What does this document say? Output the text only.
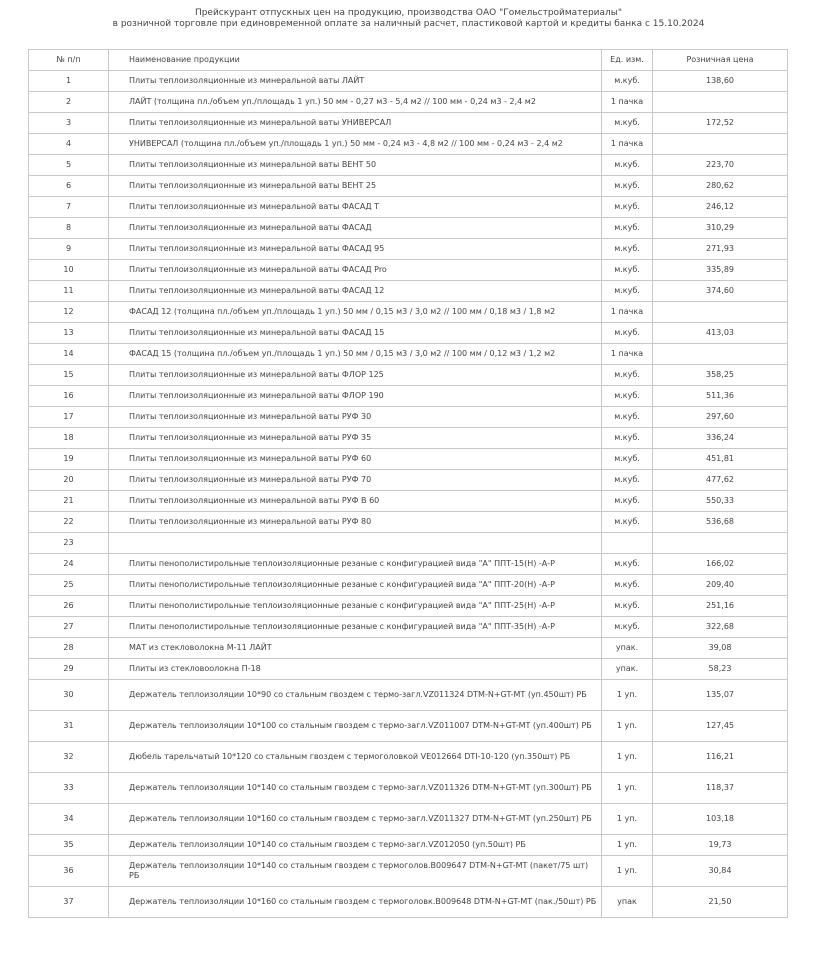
Прейскурант отпускных цен на продукцию, производства ОАО "Гомельстройматериалы"
в розничной торговле при единовременной оплате за наличный расчет, пластиковой картой и кредиты банка с 15.10.2024
№ п/п	Наименование продукции	Ед. изм.	Розничная цена
1	Плиты теплоизоляционные из минеральной ваты ЛАЙТ	м.куб.	138,60
2	ЛАЙТ (толщина пл./объем уп./площадь 1 уп.) 50 мм - 0,27 м3 - 5,4 м2 // 100 мм - 0,24 м3 - 2,4 м2	1 пачка	
3	Плиты теплоизоляционные из минеральной ваты УНИВЕРСАЛ	м.куб.	172,52
4	УНИВЕРСАЛ (толщина пл./объем уп./площадь 1 уп.) 50 мм - 0,24 м3 - 4,8 м2 // 100 мм - 0,24 м3 - 2,4 м2	1 пачка	
5	Плиты теплоизоляционные из минеральной ваты ВЕНТ 50	м.куб.	223,70
6	Плиты теплоизоляционные из минеральной ваты ВЕНТ 25	м.куб.	280,62
7	Плиты теплоизоляционные из минеральной ваты ФАСАД Т	м.куб.	246,12
8	Плиты теплоизоляционные из минеральной ваты ФАСАД	м.куб.	310,29
9	Плиты теплоизоляционные из минеральной ваты ФАСАД 95	м.куб.	271,93
10	Плиты теплоизоляционные из минеральной ваты ФАСАД Pro	м.куб.	335,89
11	Плиты теплоизоляционные из минеральной ваты ФАСАД 12	м.куб.	374,60
12	ФАСАД 12 (толщина пл./объем уп./площадь 1 уп.) 50 мм / 0,15 м3 / 3,0 м2 // 100 мм / 0,18 м3 / 1,8 м2	1 пачка	
13	Плиты теплоизоляционные из минеральной ваты ФАСАД 15	м.куб.	413,03
14	ФАСАД 15 (толщина пл./объем уп./площадь 1 уп.) 50 мм / 0,15 м3 / 3,0 м2 // 100 мм / 0,12 м3 / 1,2 м2	1 пачка	
15	Плиты теплоизоляционные из минеральной ваты ФЛОР 125	м.куб.	358,25
16	Плиты теплоизоляционные из минеральной ваты ФЛОР 190	м.куб.	511,36
17	Плиты теплоизоляционные из минеральной ваты РУФ 30	м.куб.	297,60
18	Плиты теплоизоляционные из минеральной ваты РУФ 35	м.куб.	336,24
19	Плиты теплоизоляционные из минеральной ваты РУФ 60	м.куб.	451,81
20	Плиты теплоизоляционные из минеральной ваты РУФ 70	м.куб.	477,62
21	Плиты теплоизоляционные из минеральной ваты РУФ В 60	м.куб.	550,33
22	Плиты теплоизоляционные из минеральной ваты РУФ 80	м.куб.	536,68
23			
24	Плиты пенополистирольные теплоизоляционные резаные с конфигурацией вида "А" ППТ-15(Н) -А-Р	м.куб.	166,02
25	Плиты пенополистирольные теплоизоляционные резаные с конфигурацией вида "А" ППТ-20(Н) -А-Р	м.куб.	209,40
26	Плиты пенополистирольные теплоизоляционные резаные с конфигурацией вида "А" ППТ-25(Н) -А-Р	м.куб.	251,16
27	Плиты пенополистирольные теплоизоляционные резаные с конфигурацией вида "А" ППТ-35(Н) -А-Р	м.куб.	322,68
28	МАТ из стекловолокна М-11 ЛАЙТ	упак.	39,08
29	Плиты из стекловоолокна П-18	упак.	58,23
30	Держатель теплоизоляции 10*90 со стальным гвоздем с термо-загл.VZ011324 DTM-N+GT-MT (уп.450шт) РБ	1 уп.	135,07
31	Держатель теплоизоляции 10*100 со стальным гвоздем с термо-загл.VZ011007 DTM-N+GT-MT (уп.400шт) РБ	1 уп.	127,45
32	Дюбель тарельчатый 10*120 со стальным гвоздем с термоголовкой VE012664 DTI-10-120 (уп.350шт) РБ	1 уп.	116,21
33	Держатель теплоизоляции 10*140 со стальным гвоздем с термо-загл.VZ011326 DTM-N+GT-MT (уп.300шт) РБ	1 уп.	118,37
34	Держатель теплоизоляции 10*160 со стальным гвоздем с термо-загл.VZ011327 DTM-N+GT-MT (уп.250шт) РБ	1 уп.	103,18
35	Держатель теплоизоляции 10*140 со стальным гвоздем с термо-загл.VZ012050 (уп.50шт) РБ	1 уп.	19,73
36	Держатель теплоизоляции 10*140 со стальным гвоздем с термоголов.В009647 DTM-N+GT-MT (пакет/75 шт) РБ	1 уп.	30,84
37	Держатель теплоизоляции 10*160 со стальным гвоздем с термоголовк.В009648 DTM-N+GT-MT (пак./50шт) РБ	упак	21,50
